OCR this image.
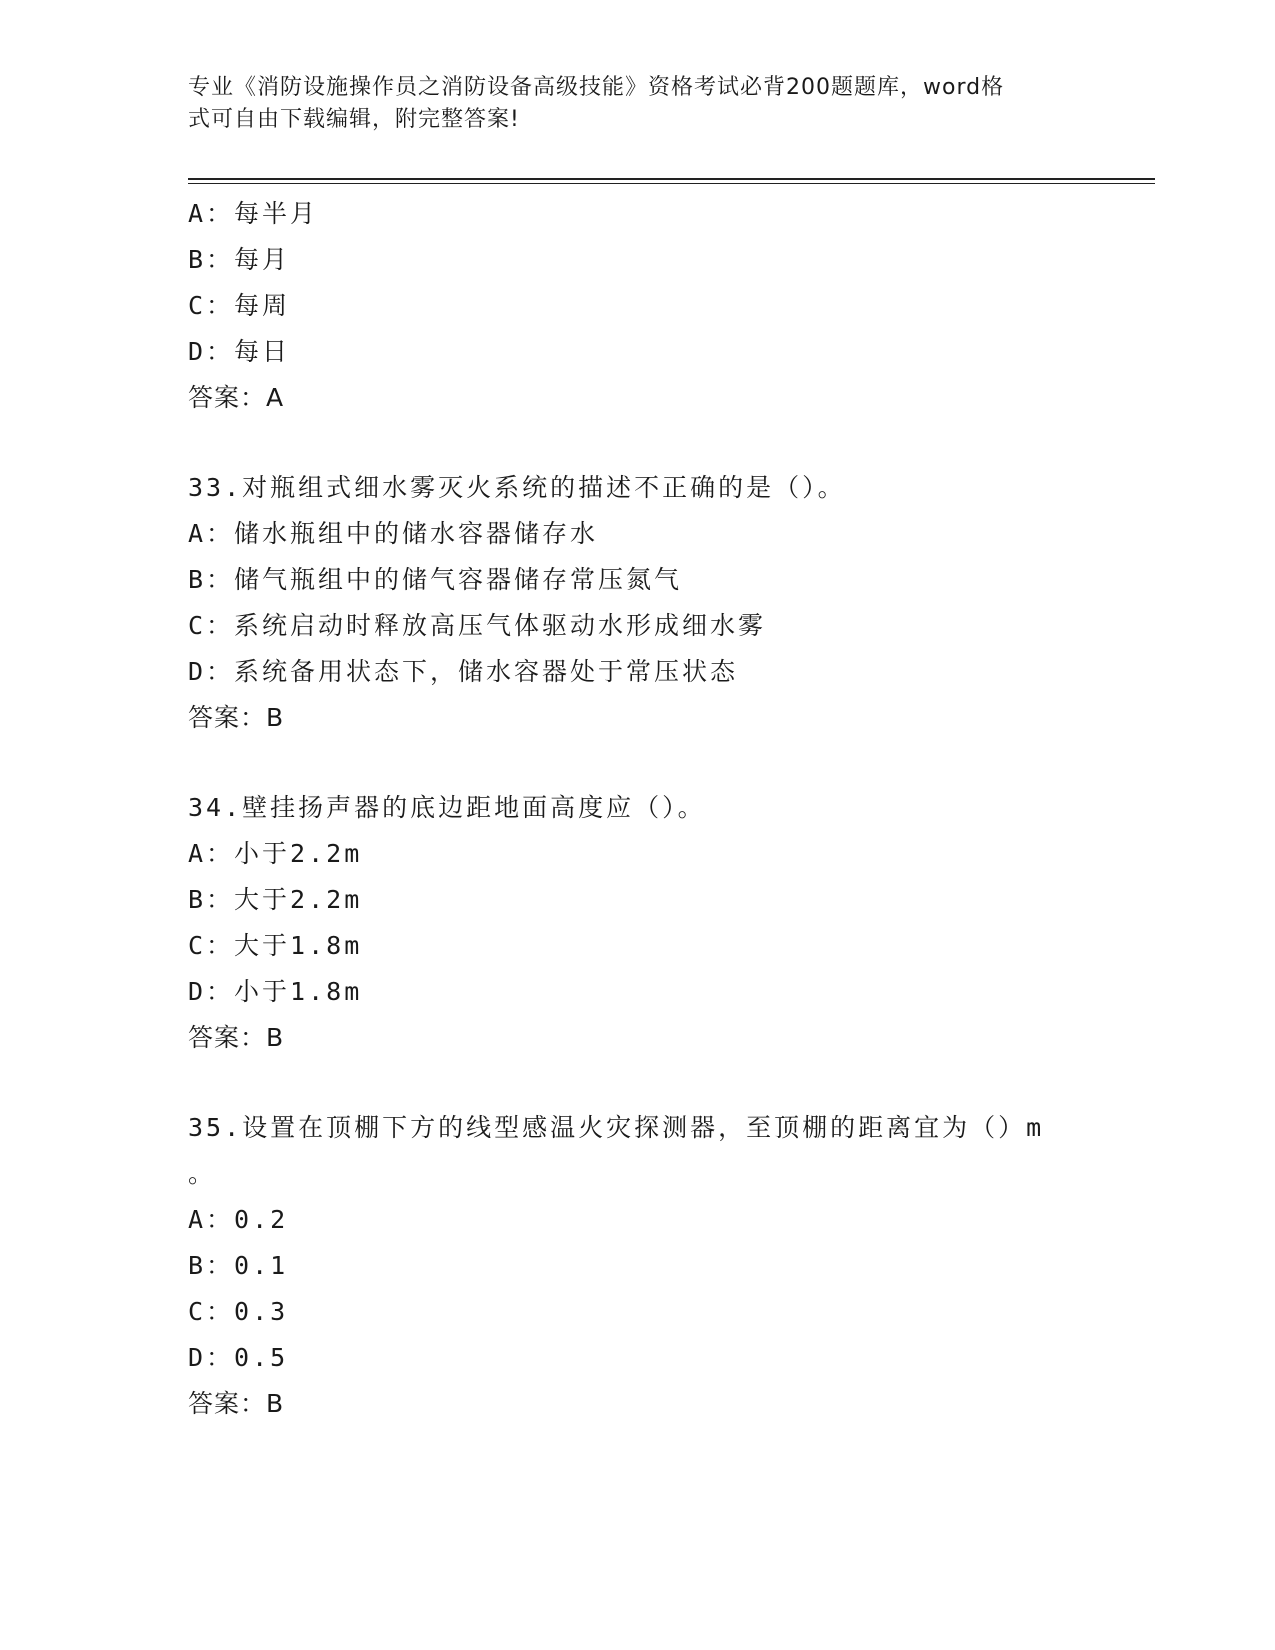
专业《消防设施操作员之消防设备高级技能》资格考试必背200题题库，word格
式可自由下载编辑，附完整答案!
A：每半月
B：每月
C：每周
D：每日
答案：A
33.对瓶组式细水雾灭火系统的描述不正确的是（）。
A：储水瓶组中的储水容器储存水
B：储气瓶组中的储气容器储存常压氮气
C：系统启动时释放高压气体驱动水形成细水雾
D：系统备用状态下，储水容器处于常压状态
答案：B
34.壁挂扬声器的底边距地面高度应（）。
A：小于2.2m
B：大于2.2m
C：大于1.8m
D：小于1.8m
答案：B
35.设置在顶棚下方的线型感温火灾探测器，至顶棚的距离宜为（）m
。
A：0.2
B：0.1
C：0.3
D：0.5
答案：B
